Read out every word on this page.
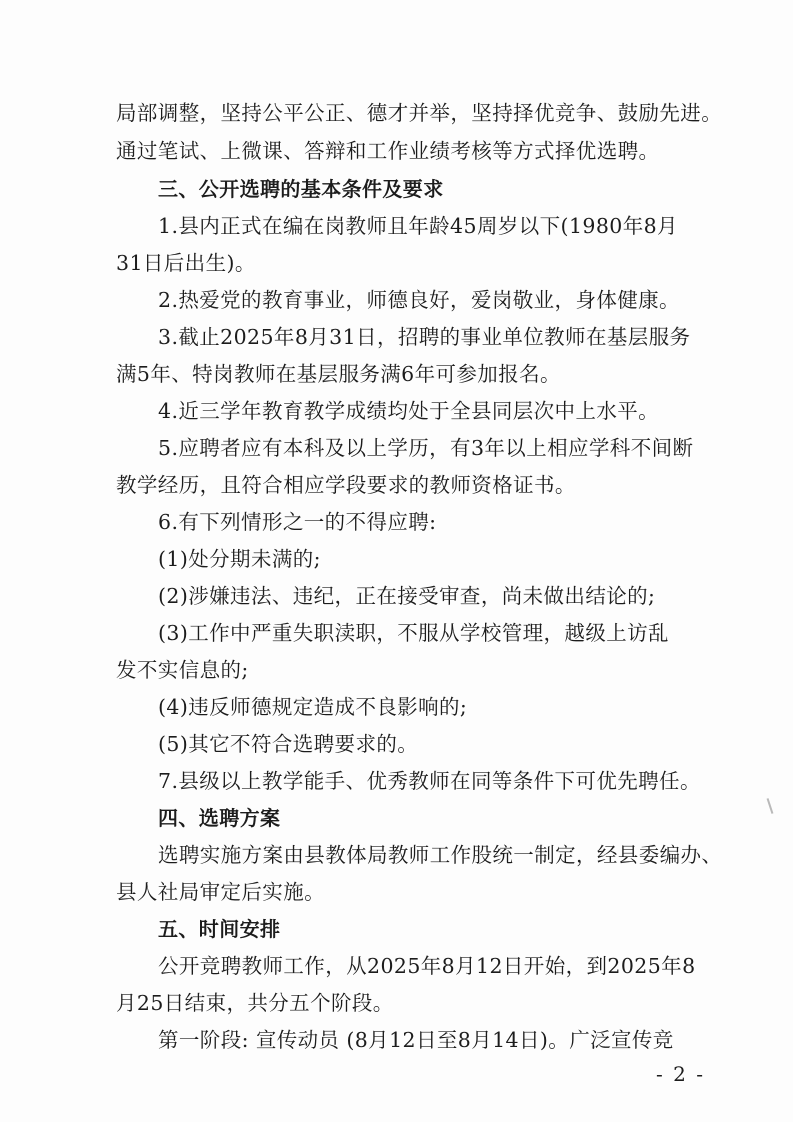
局部调整，坚持公平公正、德才并举，坚持择优竞争、鼓励先进。
通过笔试、上微课、答辩和工作业绩考核等方式择优选聘。
三、公开选聘的基本条件及要求
1.县内正式在编在岗教师且年龄45周岁以下(1980年8月
31日后出生)。
2.热爱党的教育事业，师德良好，爱岗敬业，身体健康。
3.截止2025年8月31日，招聘的事业单位教师在基层服务
满5年、特岗教师在基层服务满6年可参加报名。
4.近三学年教育教学成绩均处于全县同层次中上水平。
5.应聘者应有本科及以上学历，有3年以上相应学科不间断
教学经历，且符合相应学段要求的教师资格证书。
6.有下列情形之一的不得应聘:
(1)处分期未满的;
(2)涉嫌违法、违纪，正在接受审查，尚未做出结论的;
(3)工作中严重失职渎职，不服从学校管理，越级上访乱
发不实信息的;
(4)违反师德规定造成不良影响的;
(5)其它不符合选聘要求的。
7.县级以上教学能手、优秀教师在同等条件下可优先聘任。
四、选聘方案
选聘实施方案由县教体局教师工作股统一制定，经县委编办、
县人社局审定后实施。
五、时间安排
公开竞聘教师工作，从2025年8月12日开始，到2025年8
月25日结束，共分五个阶段。
第一阶段: 宣传动员 (8月12日至8月14日)。广泛宣传竞
- 2 -
